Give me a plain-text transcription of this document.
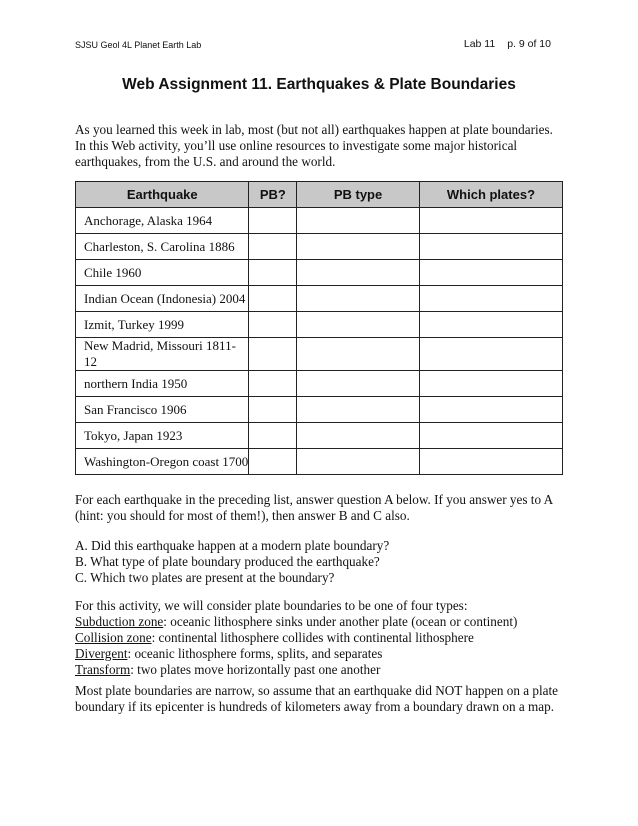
SJSU Geol 4L Planet Earth Lab	Lab 11 p. 9 of 10
Web Assignment 11. Earthquakes & Plate Boundaries
As you learned this week in lab, most (but not all) earthquakes happen at plate boundaries. In this Web activity, you’ll use online resources to investigate some major historical earthquakes, from the U.S. and around the world.
Earthquake	PB?	PB type	Which plates?
Anchorage, Alaska 1964			
Charleston, S. Carolina 1886			
Chile 1960			
Indian Ocean (Indonesia) 2004			
Izmit, Turkey 1999			
New Madrid, Missouri 1811-12			
northern India 1950			
San Francisco 1906			
Tokyo, Japan 1923			
Washington-Oregon coast 1700			
For each earthquake in the preceding list, answer question A below. If you answer yes to A (hint: you should for most of them!), then answer B and C also.
A. Did this earthquake happen at a modern plate boundary?
B. What type of plate boundary produced the earthquake?
C. Which two plates are present at the boundary?
For this activity, we will consider plate boundaries to be one of four types:
Subduction zone: oceanic lithosphere sinks under another plate (ocean or continent)
Collision zone: continental lithosphere collides with continental lithosphere
Divergent: oceanic lithosphere forms, splits, and separates
Transform: two plates move horizontally past one another
Most plate boundaries are narrow, so assume that an earthquake did NOT happen on a plate boundary if its epicenter is hundreds of kilometers away from a boundary drawn on a map.
